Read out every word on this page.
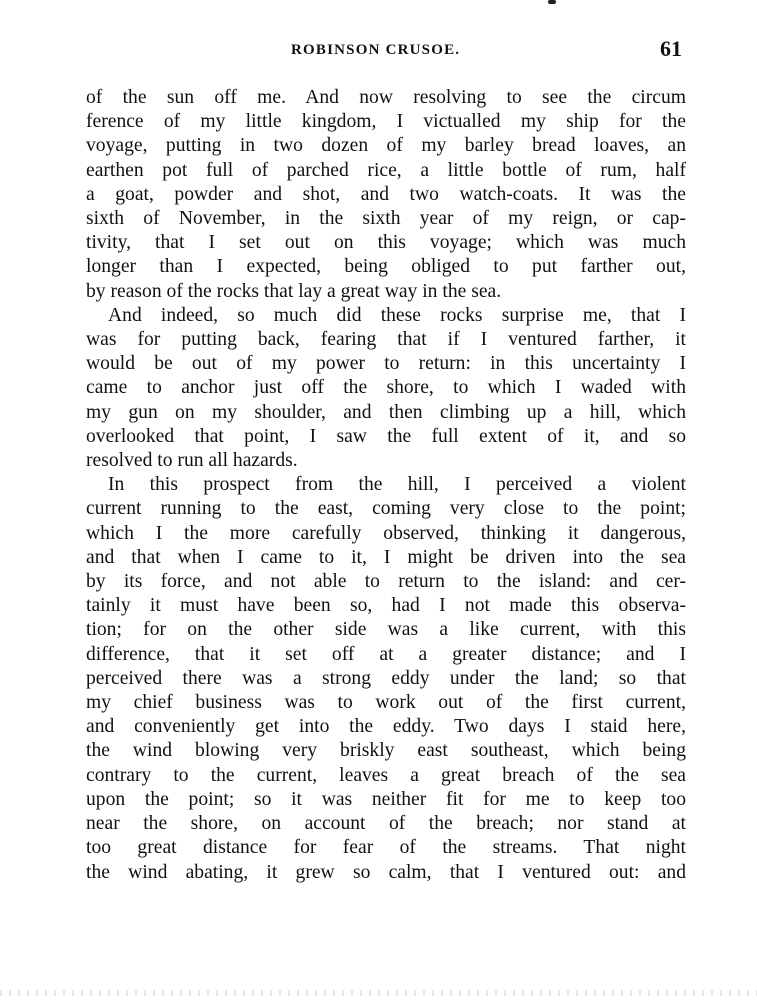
ROBINSON CRUSOE.	61
of the sun off me. And now resolving to see the circum
ference of my little kingdom, I victualled my ship for the
voyage, putting in two dozen of my barley bread loaves, an
earthen pot full of parched rice, a little bottle of rum, half
a goat, powder and shot, and two watch-coats. It was the
sixth of November, in the sixth year of my reign, or cap-
tivity, that I set out on this voyage; which was much
longer than I expected, being obliged to put farther out,
by reason of the rocks that lay a great way in the sea.
And indeed, so much did these rocks surprise me, that I
was for putting back, fearing that if I ventured farther, it
would be out of my power to return: in this uncertainty I
came to anchor just off the shore, to which I waded with
my gun on my shoulder, and then climbing up a hill, which
overlooked that point, I saw the full extent of it, and so
resolved to run all hazards.
In this prospect from the hill, I perceived a violent
current running to the east, coming very close to the point;
which I the more carefully observed, thinking it dangerous,
and that when I came to it, I might be driven into the sea
by its force, and not able to return to the island: and cer-
tainly it must have been so, had I not made this observa-
tion; for on the other side was a like current, with this
difference, that it set off at a greater distance; and I
perceived there was a strong eddy under the land; so that
my chief business was to work out of the first current,
and conveniently get into the eddy. Two days I staid here,
the wind blowing very briskly east southeast, which being
contrary to the current, leaves a great breach of the sea
upon the point; so it was neither fit for me to keep too
near the shore, on account of the breach; nor stand at
too great distance for fear of the streams. That night
the wind abating, it grew so calm, that I ventured out: and
